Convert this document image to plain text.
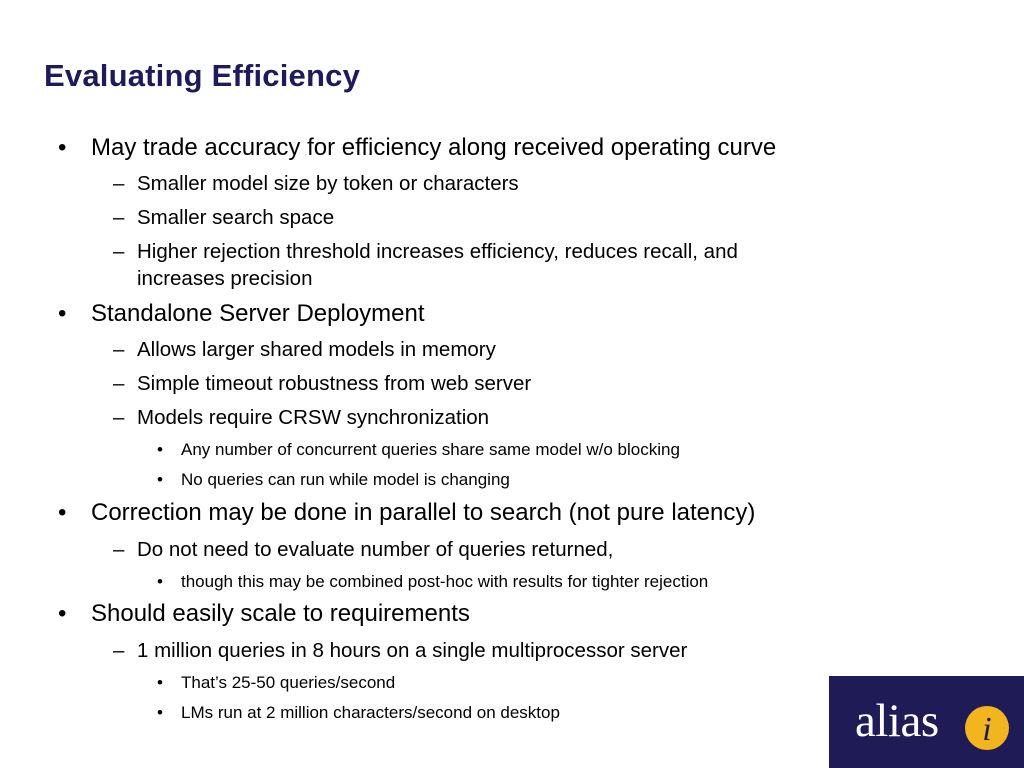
Evaluating Efficiency
• May trade accuracy for efficiency along received operating curve
– Smaller model size by token or characters
– Smaller search space
– Higher rejection threshold increases efficiency, reduces recall, and
increases precision
• Standalone Server Deployment
– Allows larger shared models in memory
– Simple timeout robustness from web server
– Models require CRSW synchronization
• Any number of concurrent queries share same model w/o blocking
• No queries can run while model is changing
• Correction may be done in parallel to search (not pure latency)
– Do not need to evaluate number of queries returned,
• though this may be combined post-hoc with results for tighter rejection
• Should easily scale to requirements
– 1 million queries in 8 hours on a single multiprocessor server
• That’s 25-50 queries/second
• LMs run at 2 million characters/second on desktop	alias i
